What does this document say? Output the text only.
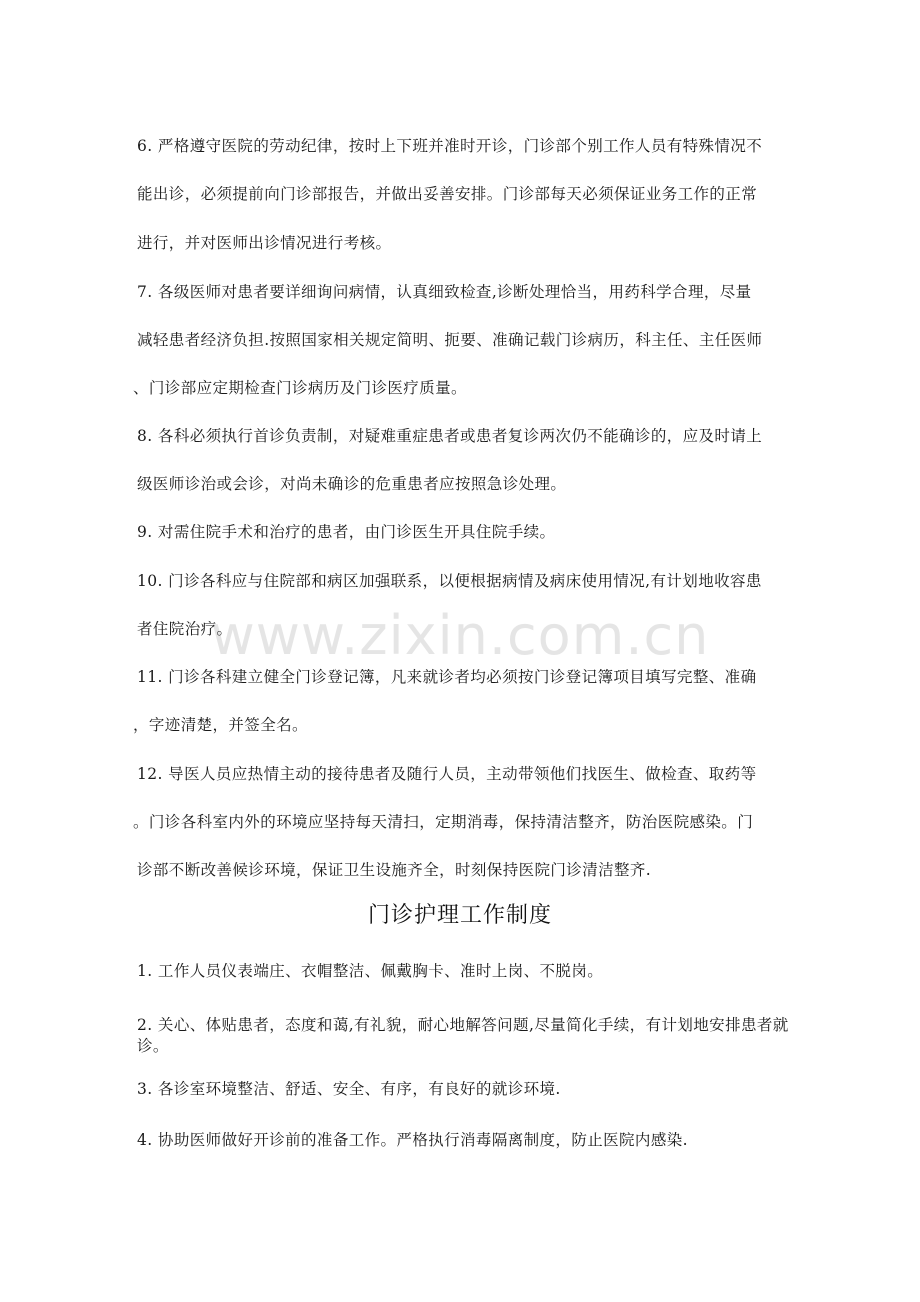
www.zixin.com.cn
6. 严格遵守医院的劳动纪律，按时上下班并准时开诊，门诊部个别工作人员有特殊情况不
能出诊，必须提前向门诊部报告，并做出妥善安排。门诊部每天必须保证业务工作的正常
进行，并对医师出诊情况进行考核。
7. 各级医师对患者要详细询问病情，认真细致检查,诊断处理恰当，用药科学合理，尽量
减轻患者经济负担.按照国家相关规定简明、扼要、准确记载门诊病历，科主任、主任医师
、门诊部应定期检查门诊病历及门诊医疗质量。
8. 各科必须执行首诊负责制，对疑难重症患者或患者复诊两次仍不能确诊的，应及时请上
级医师诊治或会诊，对尚未确诊的危重患者应按照急诊处理。
9. 对需住院手术和治疗的患者，由门诊医生开具住院手续。
10. 门诊各科应与住院部和病区加强联系，以便根据病情及病床使用情况,有计划地收容患
者住院治疗。
11. 门诊各科建立健全门诊登记簿，凡来就诊者均必须按门诊登记簿项目填写完整、准确
，字迹清楚，并签全名。
12. 导医人员应热情主动的接待患者及随行人员，主动带领他们找医生、做检查、取药等
。门诊各科室内外的环境应坚持每天清扫，定期消毒，保持清洁整齐，防治医院感染。门
诊部不断改善候诊环境，保证卫生设施齐全，时刻保持医院门诊清洁整齐.
门诊护理工作制度
1. 工作人员仪表端庄、衣帽整洁、佩戴胸卡、准时上岗、不脱岗。
2. 关心、体贴患者，态度和蔼,有礼貌，耐心地解答问题,尽量简化手续，有计划地安排患者就诊。
3. 各诊室环境整洁、舒适、安全、有序，有良好的就诊环境.
4. 协助医师做好开诊前的准备工作。严格执行消毒隔离制度，防止医院内感染.
